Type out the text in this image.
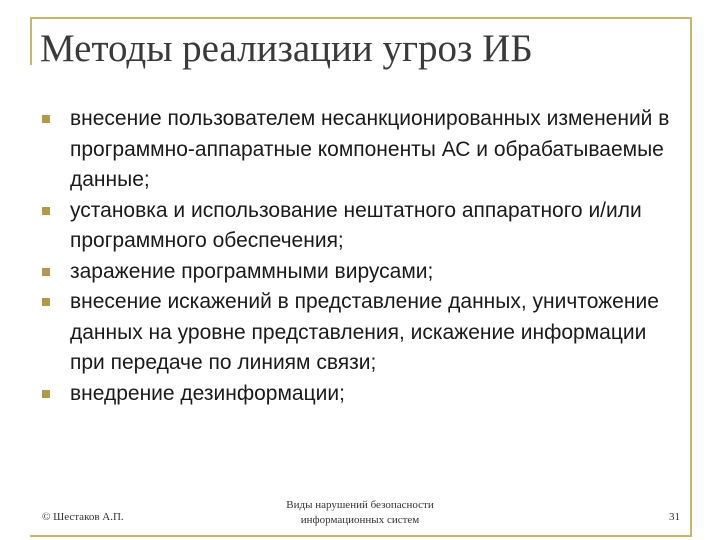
Методы реализации угроз ИБ
внесение пользователем несанкционированных изменений в программно-аппаратные компоненты АС и обрабатываемые данные;
установка и использование нештатного аппаратного и/или программного обеспечения;
заражение программными вирусами;
внесение искажений в представление данных, уничтожение данных на уровне представления, искажение информации при передаче по линиям связи;
внедрение дезинформации;
© Шестаков А.П.
Виды нарушений безопасности
информационных систем	31
